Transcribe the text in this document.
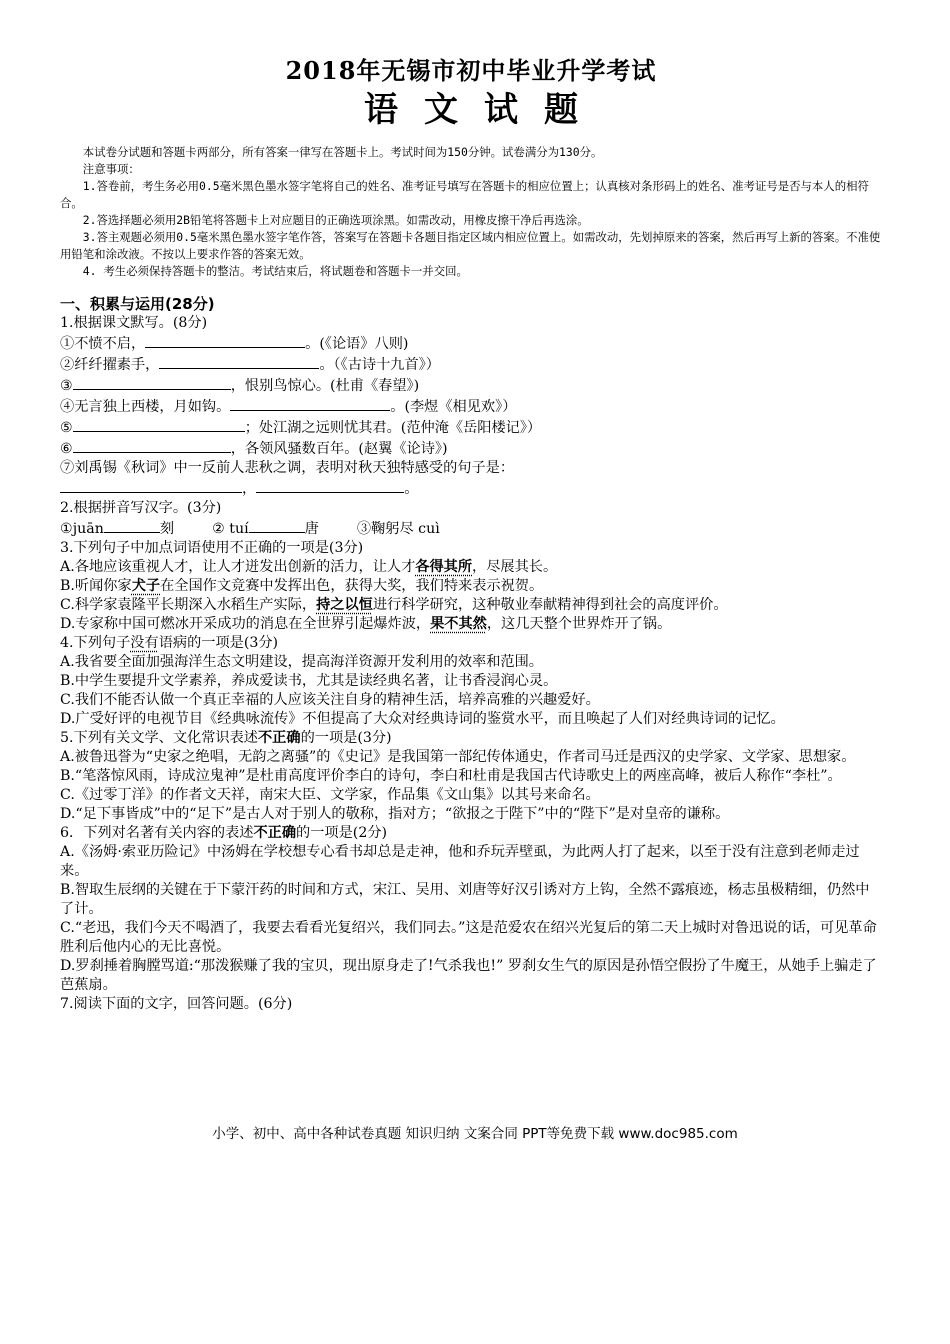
2018年无锡市初中毕业升学考试
语文试题

本试卷分试题和答题卡两部分，所有答案一律写在答题卡上。考试时间为150分钟。试卷满分为130分。

注意事项：

1.答卷前，考生务必用0.5毫米黑色墨水签字笔将自己的姓名、准考证号填写在答题卡的相应位置上；认真核对条形码上的姓名、准考证号是否与本人的相符合。

2.答选择题必须用2B铅笔将答题卡上对应题目的正确选项涂黑。如需改动，用橡皮擦干净后再选涂。

3.答主观题必须用0.5毫米黑色墨水签字笔作答，答案写在答题卡各题目指定区域内相应位置上。如需改动，先划掉原来的答案，然后再写上新的答案。不准使用铅笔和涂改液。不按以上要求作答的答案无效。

4. 考生必须保持答题卡的整洁。考试结束后，将试题卷和答题卡一并交回。

一、积累与运用(28分)

1.根据课文默写。(8分)

①不愤不启，	。(《论语》八则)

②纤纤擢素手，	。（《古诗十九首》）

③	，恨别鸟惊心。(杜甫《春望》)

④无言独上西楼，月如钩。	。(李煜《相见欢》）

⑤	；处江湖之远则忧其君。(范仲淹《岳阳楼记》）

⑥	，各领风骚数百年。(赵翼《论诗》)

⑦刘禹锡《秋词》中一反前人悲秋之调，表明对秋天独特感受的句子是：

，	。

2.根据拼音写汉字。(3分)

①juān	刻	② tuí	唐	③鞠躬尽 cuì

3.下列句子中加点词语使用不正确的一项是(3分)

A.各地应该重视人才，让人才迸发出创新的活力，让人才各得其所，尽展其长。

B.听闻你家犬子在全国作文竞赛中发挥出色，获得大奖，我们特来表示祝贺。

C.科学家袁隆平长期深入水稻生产实际，持之以恒进行科学研究，这种敬业奉献精神得到社会的高度评价。

D.专家称中国可燃冰开采成功的消息在全世界引起爆炸波，果不其然，这几天整个世界炸开了锅。

4.下列句子没有语病的一项是(3分)

A.我省要全面加强海洋生态文明建设，提高海洋资源开发利用的效率和范围。

B.中学生要提升文学素养，养成爱读书，尤其是读经典名著，让书香浸润心灵。

C.我们不能否认做一个真正幸福的人应该关注自身的精神生活，培养高雅的兴趣爱好。

D.广受好评的电视节目《经典咏流传》不但提高了大众对经典诗词的鉴赏水平，而且唤起了人们对经典诗词的记忆。

5.下列有关文学、文化常识表述不正确的一项是(3分)

A.被鲁迅誉为“史家之绝唱，无韵之离骚”的《史记》是我国第一部纪传体通史，作者司马迁是西汉的史学家、文学家、思想家。

B.“笔落惊风雨，诗成泣鬼神”是杜甫高度评价李白的诗句，李白和杜甫是我国古代诗歌史上的两座高峰，被后人称作“李杜”。

C.《过零丁洋》的作者文天祥，南宋大臣、文学家，作品集《文山集》以其号来命名。

D.“足下事皆成”中的“足下”是古人对于别人的敬称，指对方；“欲报之于陛下”中的“陛下”是对皇帝的谦称。

6．下列对名著有关内容的表述不正确的一项是(2分)

A.《汤姆·索亚历险记》中汤姆在学校想专心看书却总是走神，他和乔玩弄壁虱，为此两人打了起来，以至于没有注意到老师走过来。

B.智取生辰纲的关键在于下蒙汗药的时间和方式，宋江、吴用、刘唐等好汉引诱对方上钩，全然不露痕迹，杨志虽极精细，仍然中了计。

C.“老迅，我们今天不喝酒了，我要去看看光复绍兴，我们同去。”这是范爱农在绍兴光复后的第二天上城时对鲁迅说的话，可见革命胜利后他内心的无比喜悦。

D.罗刹捶着胸膛骂道:“那泼猴赚了我的宝贝，现出原身走了!气杀我也!” 罗刹女生气的原因是孙悟空假扮了牛魔王，从她手上骗走了芭蕉扇。

7.阅读下面的文字，回答问题。(6分)

小学、初中、高中各种试卷真题 知识归纳 文案合同 PPT等免费下载 www.doc985.com
